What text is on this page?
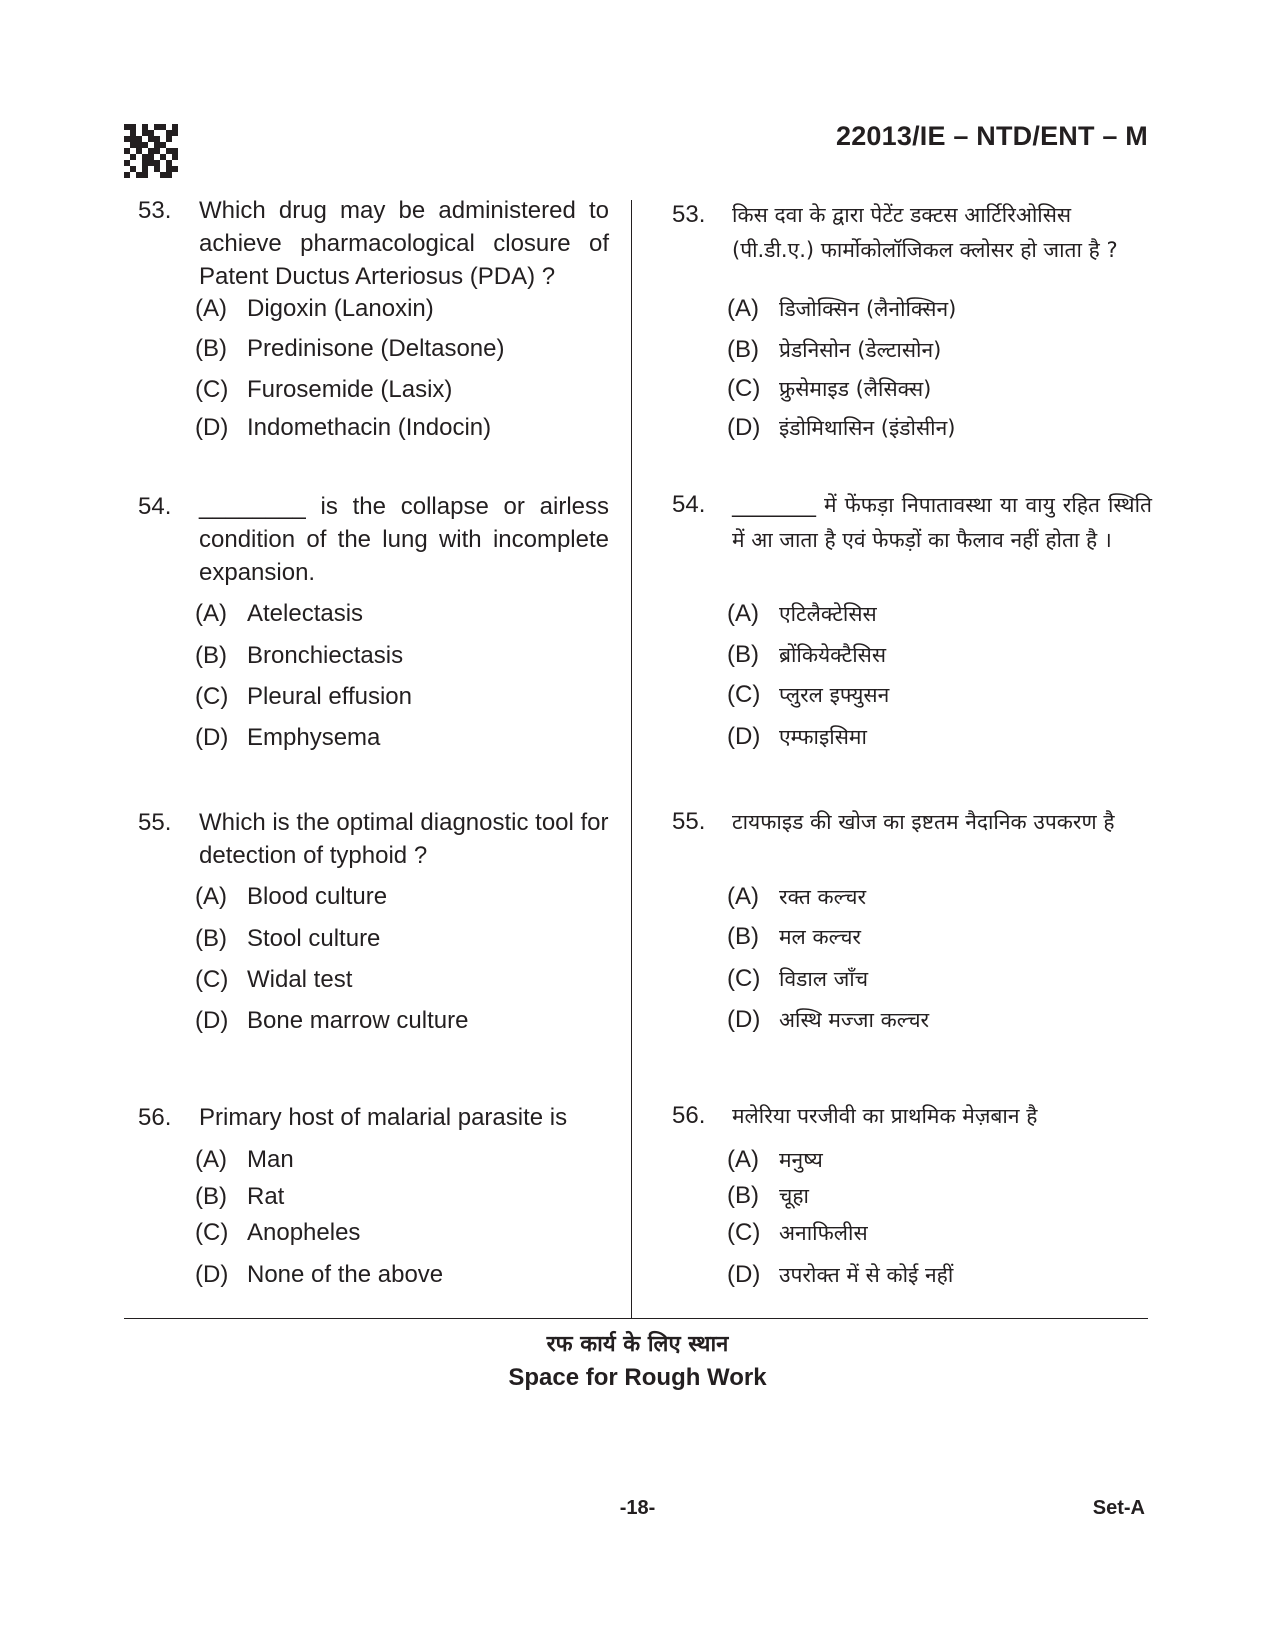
22013/IE – NTD/ENT – M
53. Which drug may be administered to achieve pharmacological closure of Patent Ductus Arteriosus (PDA) ?
(A) Digoxin (Lanoxin)
(B) Predinisone (Deltasone)
(C) Furosemide (Lasix)
(D) Indomethacin (Indocin)
54. ________ is the collapse or airless condition of the lung with incomplete expansion.
(A) Atelectasis
(B) Bronchiectasis
(C) Pleural effusion
(D) Emphysema
55. Which is the optimal diagnostic tool for detection of typhoid ?
(A) Blood culture
(B) Stool culture
(C) Widal test
(D) Bone marrow culture
56. Primary host of malarial parasite is
(A) Man
(B) Rat
(C) Anopheles
(D) None of the above
53. किस दवा के द्वारा पेटेंट डक्टस आर्टिरिओसिस (पी.डी.ए.) फार्मोकोलॉजिकल क्लोसर हो जाता है ?
(A) डिजोक्सिन (लैनोक्सिन)
(B) प्रेडनिसोन (डेल्टासोन)
(C) फ्रुसेमाइड (लैसिक्स)
(D) इंडोमिथासिन (इंडोसीन)
54. ________ में फेंफड़ा निपातावस्था या वायु रहित स्थिति में आ जाता है एवं फेफड़ों का फैलाव नहीं होता है ।
(A) एटिलैक्टेसिस
(B) ब्रोंकियेक्टैसिस
(C) प्लुरल इफ्युसन
(D) एम्फाइसिमा
55. टायफाइड की खोज का इष्टतम नैदानिक उपकरण है
(A) रक्त कल्चर
(B) मल कल्चर
(C) विडाल जाँच
(D) अस्थि मज्जा कल्चर
56. मलेरिया परजीवी का प्राथमिक मेज़बान है
(A) मनुष्य
(B) चूहा
(C) अनाफिलीस
(D) उपरोक्त में से कोई नहीं
रफ कार्य के लिए स्थान
Space for Rough Work
-18-	Set-A
